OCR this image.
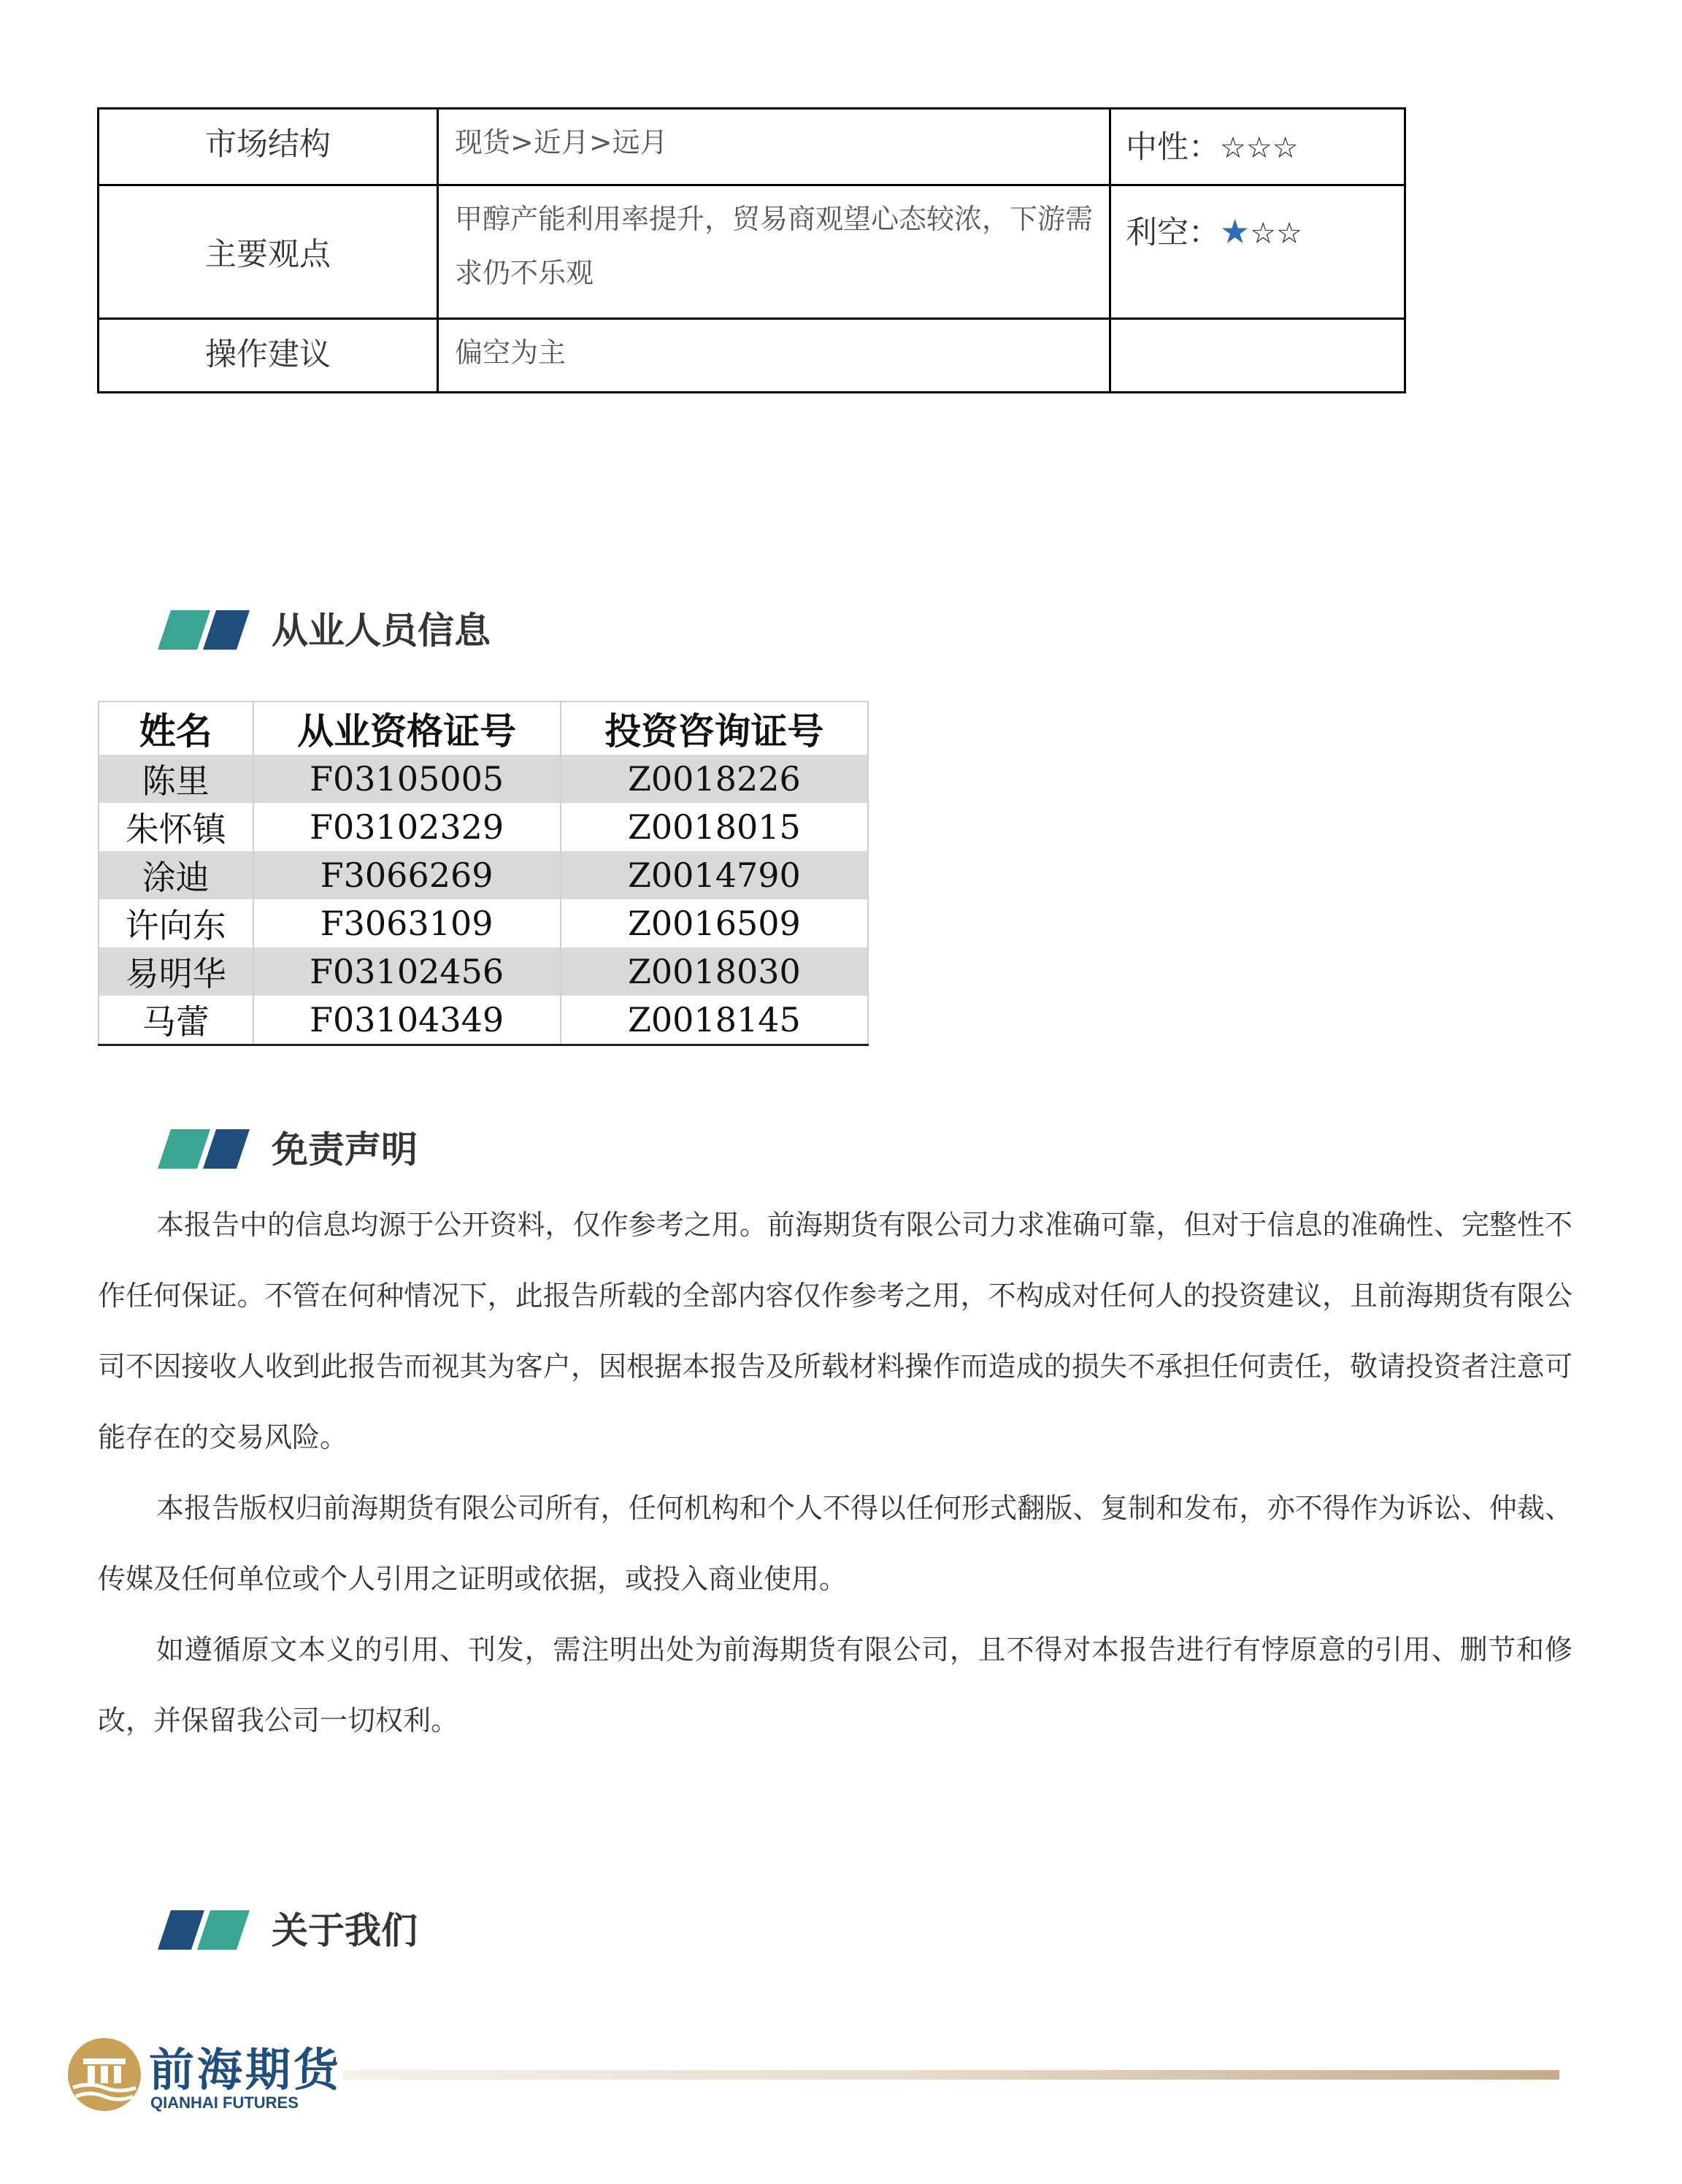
市场结构	现货>近月>远月	中性：☆☆☆
主要观点	甲醇产能利用率提升，贸易商观望心态较浓，下游需求仍不乐观	利空：★☆☆
操作建议	偏空为主	
从业人员信息
姓名	从业资格证号	投资咨询证号
陈里	F03105005	Z0018226
朱怀镇	F03102329	Z0018015
涂迪	F3066269	Z0014790
许向东	F3063109	Z0016509
易明华	F03102456	Z0018030
马蕾	F03104349	Z0018145
免责声明

本报告中的信息均源于公开资料，仅作参考之用。前海期货有限公司力求准确可靠，但对于信息的准确性、完整性不作任何保证。不管在何种情况下，此报告所载的全部内容仅作参考之用，不构成对任何人的投资建议，且前海期货有限公司不因接收人收到此报告而视其为客户，因根据本报告及所载材料操作而造成的损失不承担任何责任，敬请投资者注意可能存在的交易风险。

本报告版权归前海期货有限公司所有，任何机构和个人不得以任何形式翻版、复制和发布，亦不得作为诉讼、仲裁、传媒及任何单位或个人引用之证明或依据，或投入商业使用。

如遵循原文本义的引用、刊发，需注明出处为前海期货有限公司，且不得对本报告进行有悖原意的引用、删节和修改，并保留我公司一切权利。

关于我们
前海期货
QIANHAI FUTURES
